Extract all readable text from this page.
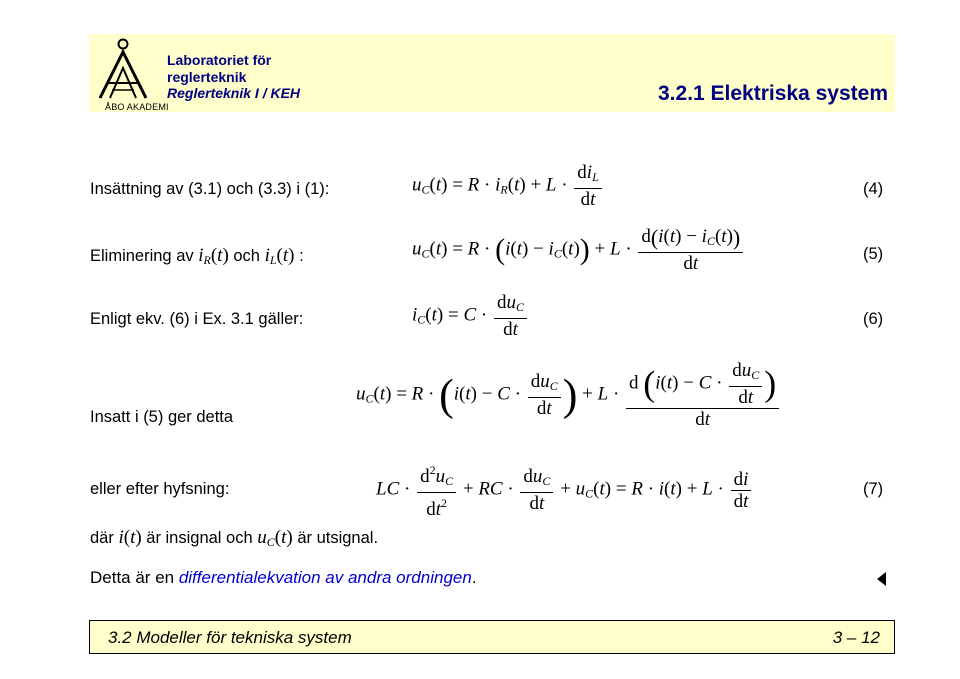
ÅBO AKADEMI
Laboratoriet för
reglerteknik
Reglerteknik I / KEH	3.2.1 Elektriska system
Insättning av (3.1) och (3.3) i (1):	$u_C(t) = R \cdot i_R(t) + L \cdot \frac{di_L}{dt}$	(4)
Eliminering av $i_R(t)$ och $i_L(t)$ :	$u_C(t) = R \cdot (i(t) - i_C(t)) + L \cdot \frac{d(i(t) - i_C(t))}{dt}$	(5)
Enligt ekv. (6) i Ex. 3.1 gäller:	$i_C(t) = C \cdot \frac{du_C}{dt}$	(6)
Insatt i (5) ger detta
$u_C(t) = R \cdot (i(t) - C \cdot \frac{du_C}{dt}$ ) + $L \cdot \frac{d (i(t) - C \cdot \frac{du_C}{dt} )}{dt}$
eller efter hyfsning:	LC · $\frac{d^2u_C}{dt^2}$ + RC · $\frac{du_C}{dt} + u_C(t) = R \cdot i(t) + L \cdot \frac{di}{dt}$	(7)
där i(t) är insignal och $u_C(t)$ är utsignal.
Detta är en differentialekvation av andra ordningen.
3.2 Modeller för tekniska system	3 – 12
